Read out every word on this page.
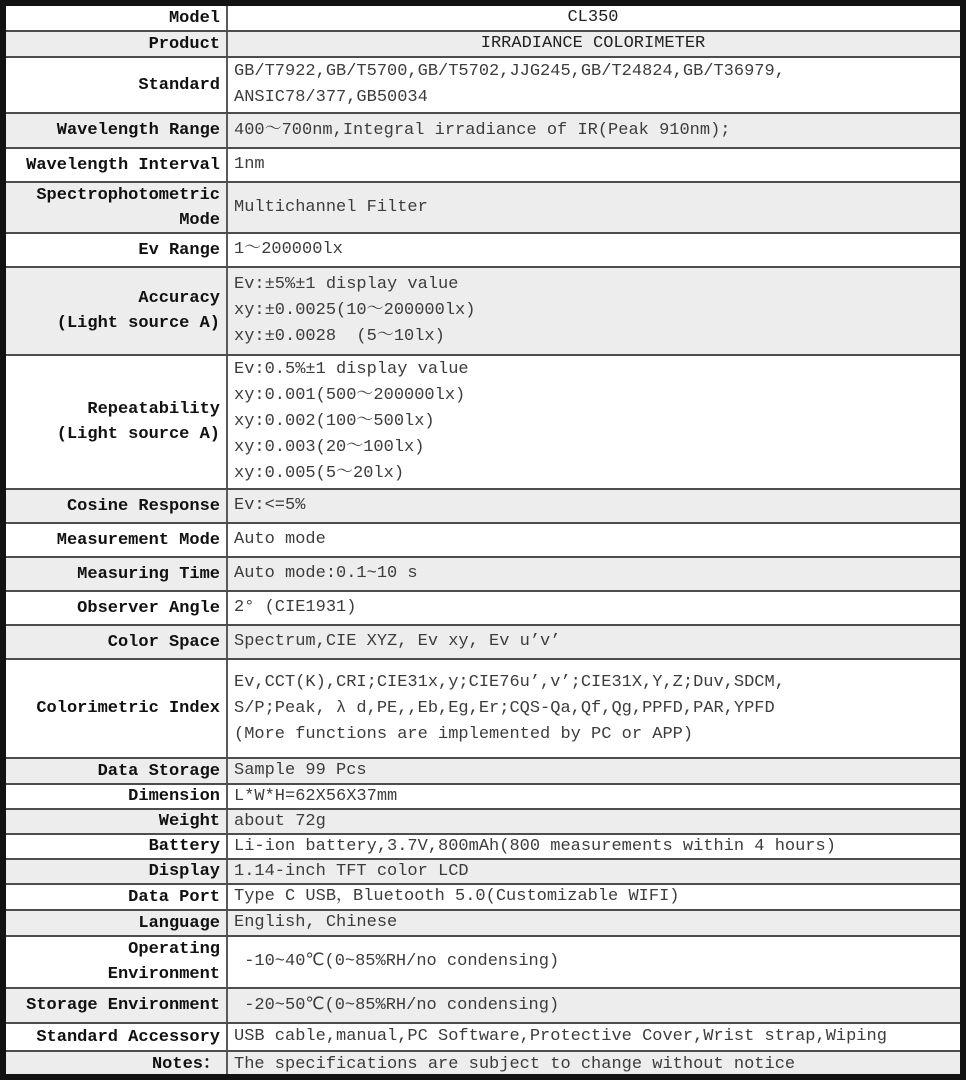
Model	CL350
Product	IRRADIANCE COLORIMETER
Standard
GB/T7922,GB/T5700,GB/T5702,JJG245,GB/T24824,GB/T36979,
ANSIC78/377,GB50034
Wavelength Range 400～700nm,Integral irradiance of IR(Peak 910nm);
Wavelength Interval 1nm
Spectrophotometric
Mode
Multichannel Filter
Ev Range 1～200000lx
Accuracy
(Light source A)
Ev:±5%±1 display value
xy:±0.0025(10～200000lx)
xy:±0.0028  (5～10lx)
Repeatability
(Light source A)
Ev:0.5%±1 display value
xy:0.001(500～200000lx)
xy:0.002(100～500lx)
xy:0.003(20～100lx)
xy:0.005(5～20lx)
Cosine Response Ev:<=5%
Measurement Mode Auto mode
Measuring Time Auto mode:0.1~10 s
Observer Angle 2° (CIE1931)
Color Space Spectrum,CIE XYZ, Ev xy, Ev u’v’
Colorimetric Index
Ev,CCT(K),CRI;CIE31x,y;CIE76u’,v’;CIE31X,Y,Z;Duv,SDCM,
S/P;Peak, λ d,PE,,Eb,Eg,Er;CQS-Qa,Qf,Qg,PPFD,PAR,YPFD
(More functions are implemented by PC or APP)
Data Storage Sample 99 Pcs
Dimension L*W*H=62X56X37mm
Weight about 72g
Battery Li-ion battery,3.7V,800mAh(800 measurements within 4 hours)
Display 1.14-inch TFT color LCD
Data Port Type C USB，Bluetooth 5.0(Customizable WIFI)
Language English, Chinese
Operating
Environment
-10~40℃(0~85%RH/no condensing)
Storage Environment -20~50℃(0~85%RH/no condensing)
Standard Accessory USB cable,manual,PC Software,Protective Cover,Wrist strap,Wiping
Notes： The specifications are subject to change without notice
